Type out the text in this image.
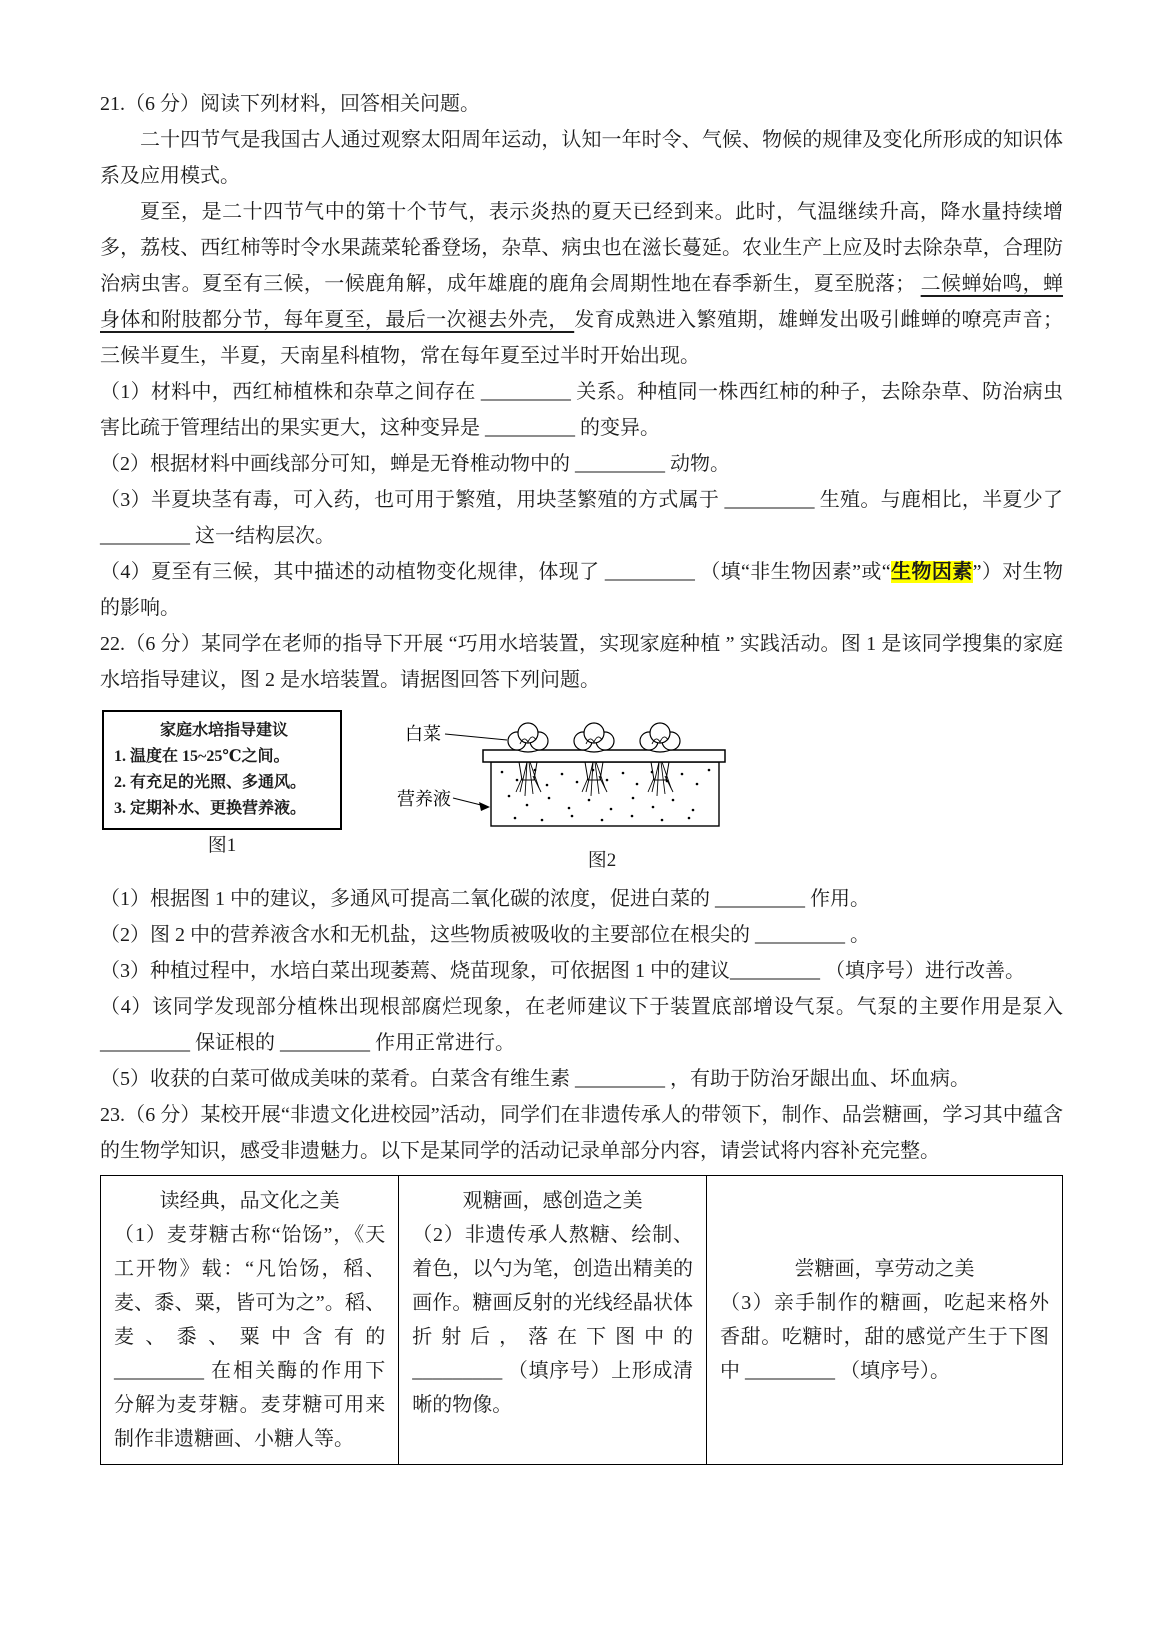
21.（6 分）阅读下列材料，回答相关问题。

二十四节气是我国古人通过观察太阳周年运动，认知一年时令、气候、物候的规律及变化所形成的知识体系及应用模式。

夏至，是二十四节气中的第十个节气，表示炎热的夏天已经到来。此时，气温继续升高，降水量持续增多，荔枝、西红柿等时令水果蔬菜轮番登场，杂草、病虫也在滋长蔓延。农业生产上应及时去除杂草，合理防治病虫害。夏至有三候，一候鹿角解，成年雄鹿的鹿角会周期性地在春季新生，夏至脱落； 二候蝉始鸣，蝉身体和附肢都分节，每年夏至，最后一次褪去外壳， 发育成熟进入繁殖期，雄蝉发出吸引雌蝉的嘹亮声音；三候半夏生，半夏，天南星科植物，常在每年夏至过半时开始出现。

（1）材料中，西红柿植株和杂草之间存在 _________ 关系。种植同一株西红柿的种子，去除杂草、防治病虫害比疏于管理结出的果实更大，这种变异是 _________ 的变异。

（2）根据材料中画线部分可知，蝉是无脊椎动物中的 _________ 动物。

（3）半夏块茎有毒，可入药，也可用于繁殖，用块茎繁殖的方式属于 _________ 生殖。与鹿相比，半夏少了_________ 这一结构层次。

（4）夏至有三候，其中描述的动植物变化规律，体现了 _________ （填“非生物因素”或“生物因素”）对生物的影响。

22.（6 分）某同学在老师的指导下开展 “巧用水培装置，实现家庭种植 ” 实践活动。图 1 是该同学搜集的家庭水培指导建议，图 2 是水培装置。请据图回答下列问题。

家庭水培指导建议
1. 温度在 15~25℃之间。
2. 有充足的光照、多通风。
3. 定期补水、更换营养液。
图1
白菜
营养液
图2

（1）根据图 1 中的建议，多通风可提高二氧化碳的浓度，促进白菜的 _________ 作用。

（2）图 2 中的营养液含水和无机盐，这些物质被吸收的主要部位在根尖的 _________ 。

（3）种植过程中，水培白菜出现萎蔫、烧苗现象，可依据图 1 中的建议_________ （填序号）进行改善。

（4）该同学发现部分植株出现根部腐烂现象，在老师建议下于装置底部增设气泵。气泵的主要作用是泵入_________ 保证根的 _________ 作用正常进行。

（5）收获的白菜可做成美味的菜肴。白菜含有维生素 _________ ，有助于防治牙龈出血、坏血病。

23.（6 分）某校开展“非遗文化进校园”活动，同学们在非遗传承人的带领下，制作、品尝糖画，学习其中蕴含的生物学知识，感受非遗魅力。以下是某同学的活动记录单部分内容，请尝试将内容补充完整。

读经典，品文化之美
（1）麦芽糖古称“饴饧”，《天工开物》载：“凡饴饧，稻、麦、黍、粟，皆可为之”。稻、麦、黍、粟中含有的 _________ 在相关酶的作用下分解为麦芽糖。麦芽糖可用来制作非遗糖画、小糖人等。

观糖画，感创造之美
（2）非遗传承人熬糖、绘制、着色，以勺为笔，创造出精美的画作。糖画反射的光线经晶状体折射后，落在下图中的 _________ （填序号）上形成清晰的物像。

尝糖画，享劳动之美
（3）亲手制作的糖画，吃起来格外香甜。吃糖时，甜的感觉产生于下图中 _________ （填序号）。
